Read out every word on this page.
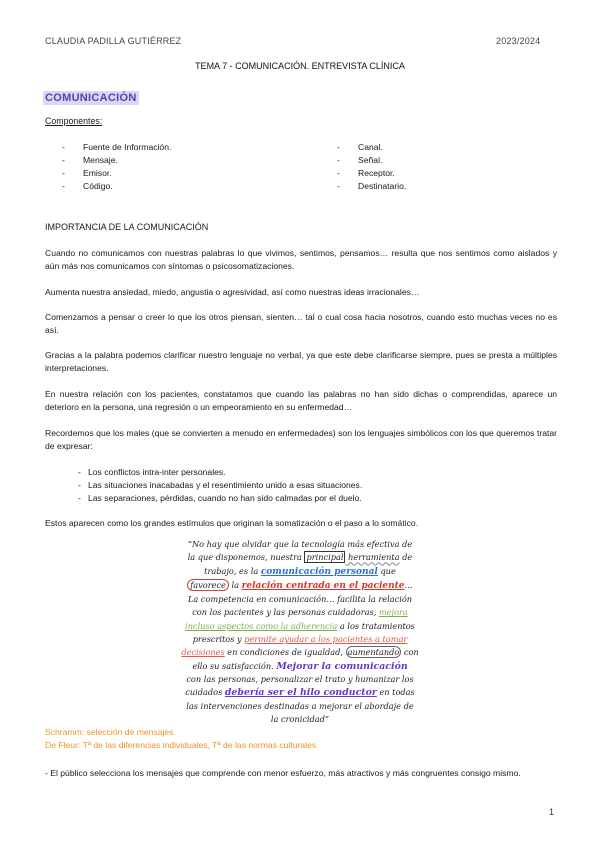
CLAUDIA PADILLA GUTIÉRREZ	2023/2024
TEMA 7 - COMUNICACIÓN. ENTREVISTA CLÍNICA
COMUNICACIÓN
Componentes:
- Fuente de Información.
- Mensaje.
- Emisor.
- Código.
- Canal.
- Señal.
- Receptor.
- Destinatario.
IMPORTANCIA DE LA COMUNICACIÓN
Cuando no comunicamos con nuestras palabras lo que vivimos, sentimos, pensamos… resulta que nos sentimos como aislados y aún más nos comunicamos con síntomas o psicosomatizaciones.
Aumenta nuestra ansiedad, miedo, angustia o agresividad, así como nuestras ideas irracionales…
Comenzamos a pensar o creer lo que los otros piensan, sienten… tal o cual cosa hacia nosotros, cuando esto muchas veces no es así.
Gracias a la palabra podemos clarificar nuestro lenguaje no verbal, ya que este debe clarificarse siempre, pues se presta a múltiples interpretaciones.
En nuestra relación con los pacientes, constatamos que cuando las palabras no han sido dichas o comprendidas, aparece un deterioro en la persona, una regresión o un empeoramiento en su enfermedad…
Recordemos que los males (que se convierten a menudo en enfermedades) son los lenguajes simbólicos con los que queremos tratar de expresar:
- Los conflictos intra-inter personales.
- Las situaciones inacabadas y el resentimiento unido a esas situaciones.
- Las separaciones, pérdidas, cuando no han sido calmadas por el duelo.
Estos aparecen como los grandes estímulos que originan la somatización o el paso a lo somático.
“No hay que olvidar que la tecnología más efectiva de
la que disponemos, nuestra principal herramienta de
trabajo, es la comunicación personal que
favorece la relación centrada en el paciente…
La competencia en comunicación… facilita la relación
con los pacientes y las personas cuidadoras, mejora
incluso aspectos como la adherencia a los tratamientos
prescritos y permite ayudar a los pacientes a tomar
decisiones en condiciones de igualdad, aumentando con
ello su satisfacción. Mejorar la comunicación
con las personas, personalizar el trato y humanizar los
cuidados debería ser el hilo conductor en todas
las intervenciones destinadas a mejorar el abordaje de
la cronicidad”
Schramm: selección de mensajes
De Fleur: Tª de las diferencias individuales, Tª de las normas culturales
- El público selecciona los mensajes que comprende con menor esfuerzo, más atractivos y más congruentes consigo mismo.
1
